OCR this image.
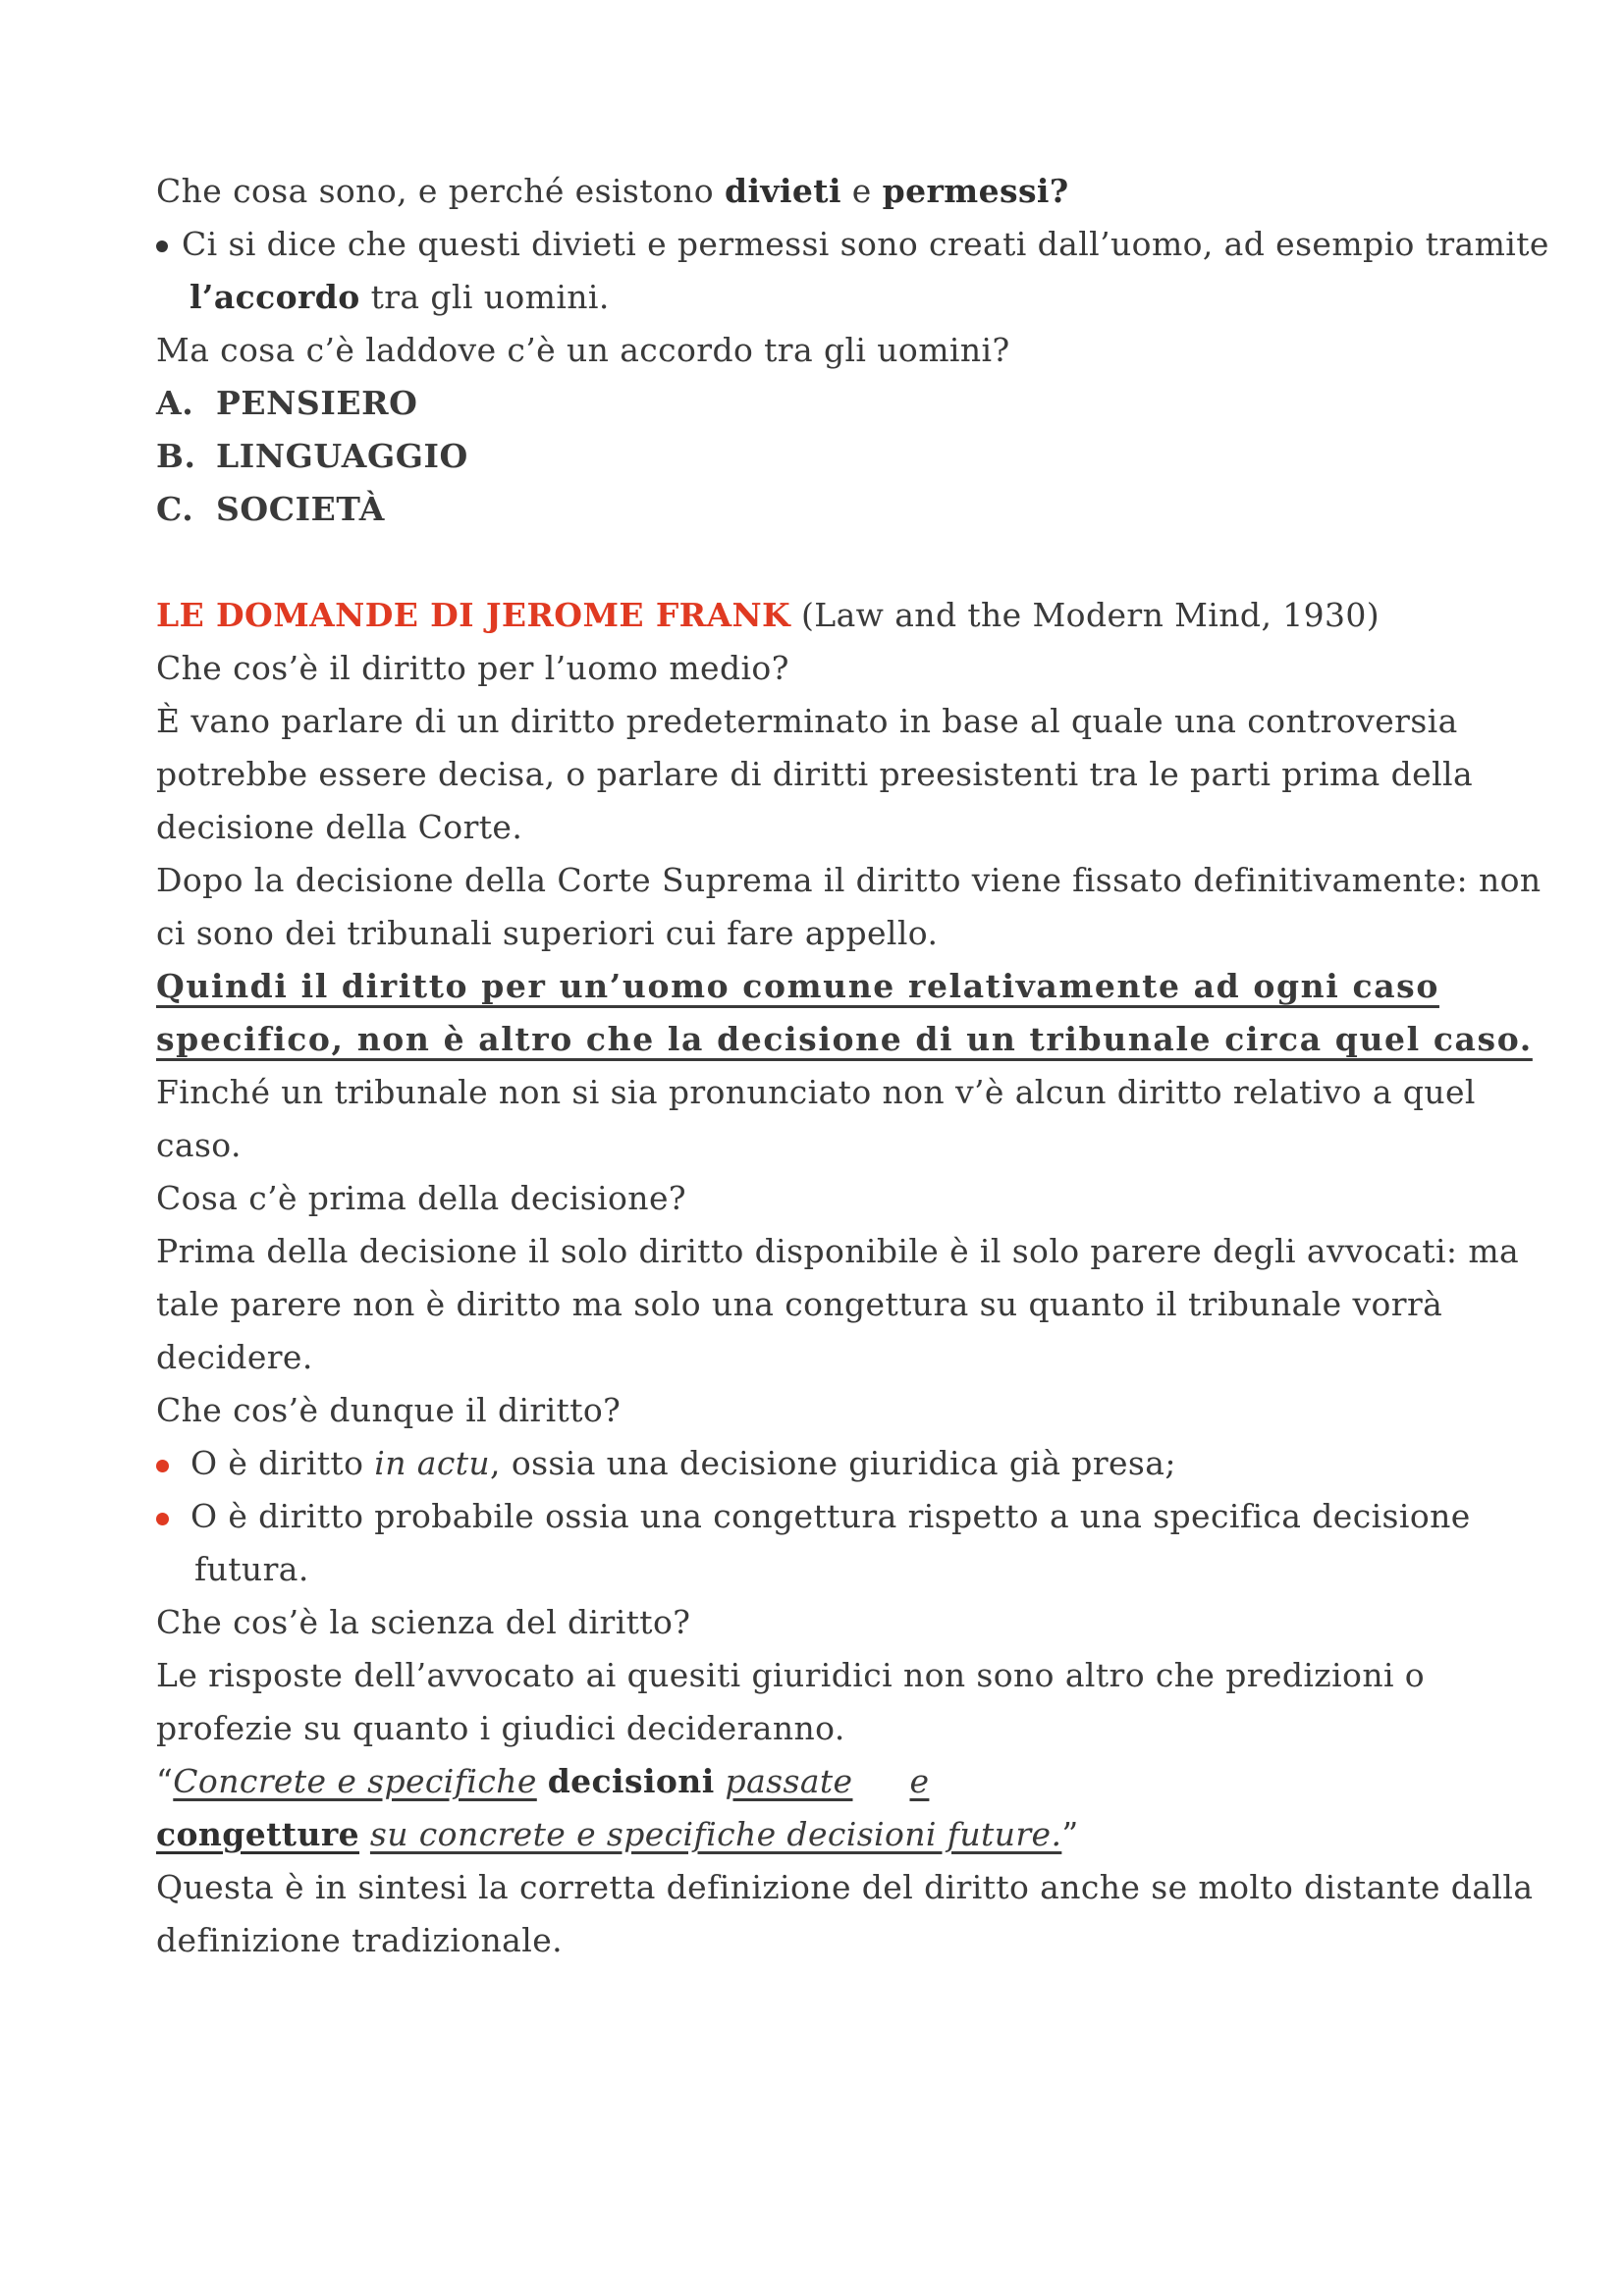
Che cosa sono, e perché esistono divieti e permessi?
Ci si dice che questi divieti e permessi sono creati dall’uomo, ad esempio tramite
l’accordo tra gli uomini.
Ma cosa c’è laddove c’è un accordo tra gli uomini?
A. PENSIERO
B. LINGUAGGIO
C. SOCIETÀ
LE DOMANDE DI JEROME FRANK (Law and the Modern Mind, 1930)
Che cos’è il diritto per l’uomo medio?
È vano parlare di un diritto predeterminato in base al quale una controversia
potrebbe essere decisa, o parlare di diritti preesistenti tra le parti prima della
decisione della Corte.
Dopo la decisione della Corte Suprema il diritto viene fissato definitivamente: non
ci sono dei tribunali superiori cui fare appello.
Quindi il diritto per un’uomo comune relativamente ad ogni caso
specifico, non è altro che la decisione di un tribunale circa quel caso.
Finché un tribunale non si sia pronunciato non v’è alcun diritto relativo a quel
caso.
Cosa c’è prima della decisione?
Prima della decisione il solo diritto disponibile è il solo parere degli avvocati: ma
tale parere non è diritto ma solo una congettura su quanto il tribunale vorrà
decidere.
Che cos’è dunque il diritto?
O è diritto in actu, ossia una decisione giuridica già presa;
O è diritto probabile ossia una congettura rispetto a una specifica decisione
futura.
Che cos’è la scienza del diritto?
Le risposte dell’avvocato ai quesiti giuridici non sono altro che predizioni o
profezie su quanto i giudici decideranno.
“Concrete e specifiche decisioni passate e
congetture su concrete e specifiche decisioni future.”
Questa è in sintesi la corretta definizione del diritto anche se molto distante dalla
definizione tradizionale.
